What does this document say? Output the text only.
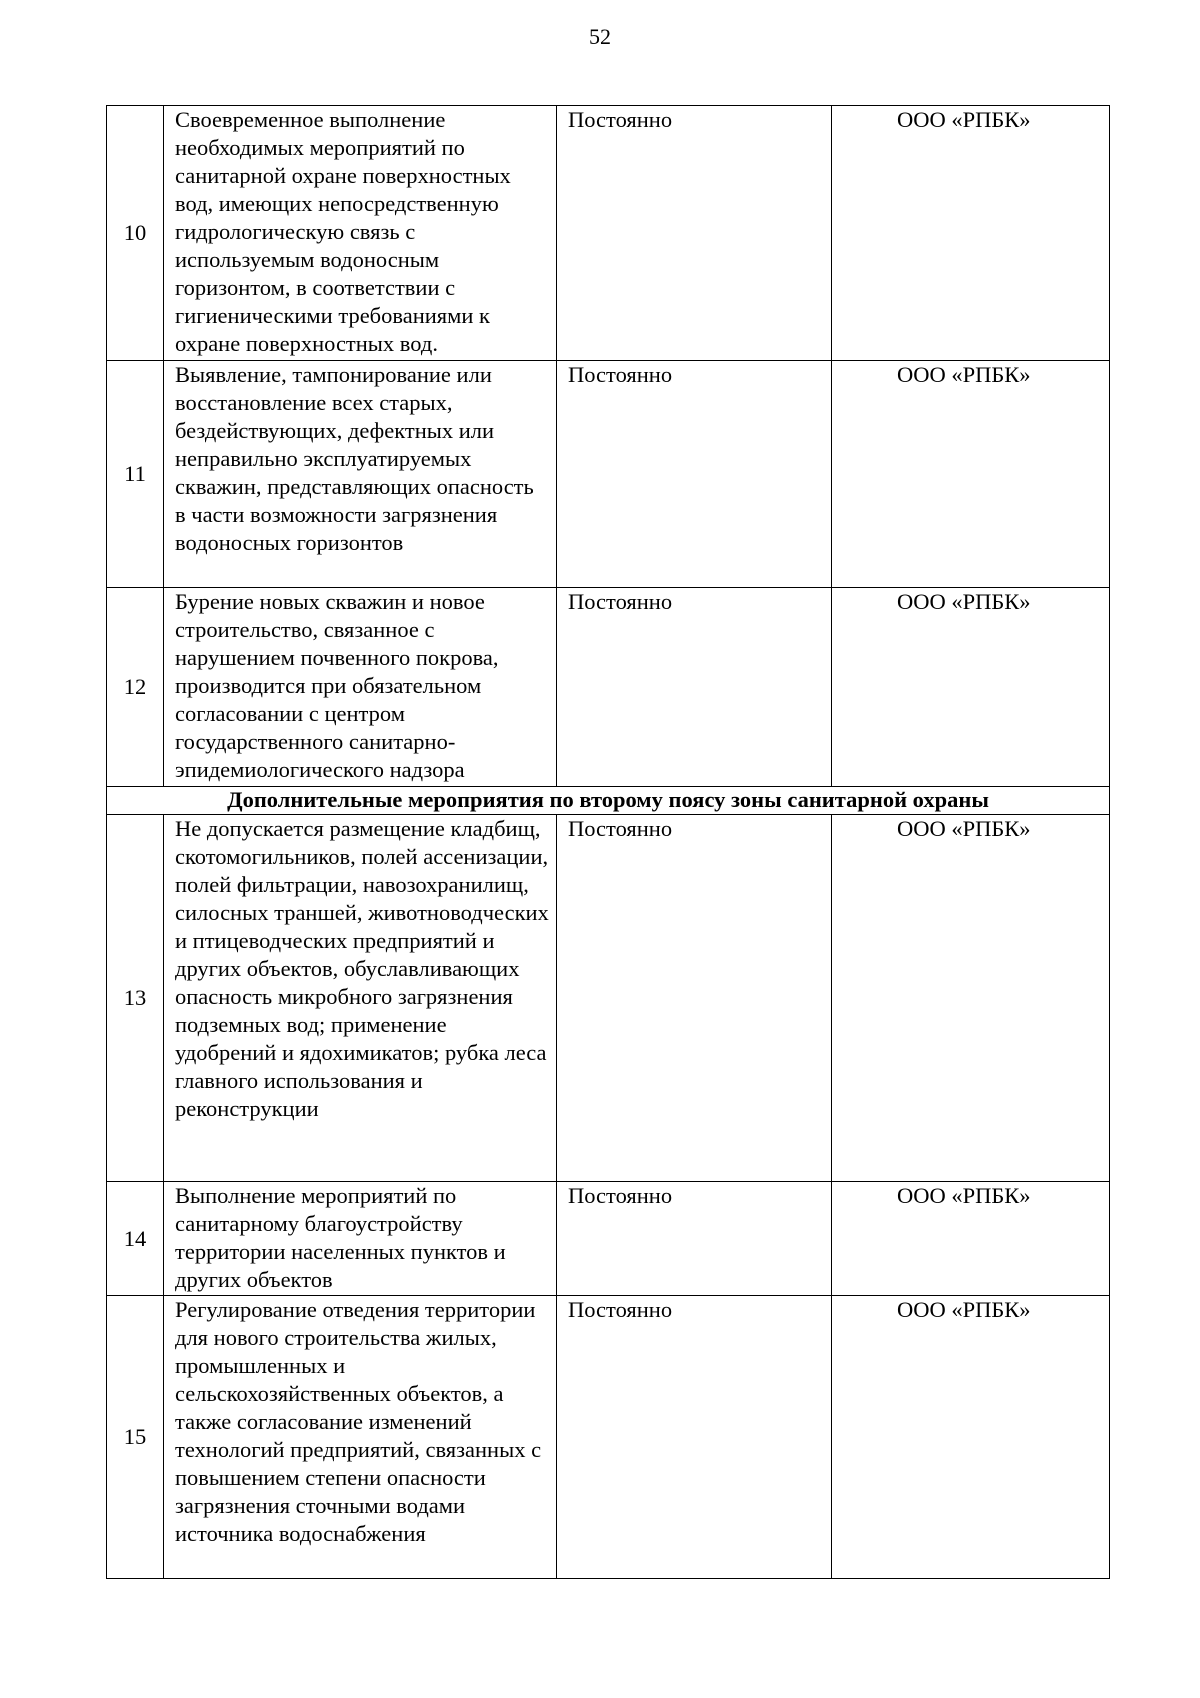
52
10	Своевременное выполнение необходимых мероприятий по санитарной охране поверхностных вод, имеющих непосредственную гидрологическую связь с используемым водоносным горизонтом, в соответствии с гигиеническими требованиями к охране поверхностных вод.	Постоянно	ООО «РПБК»
11	Выявление, тампонирование или восстановление всех старых, бездействующих, дефектных или неправильно эксплуатируемых скважин, представляющих опасность в части возможности загрязнения водоносных горизонтов	Постоянно	ООО «РПБК»
12	Бурение новых скважин и новое строительство, связанное с нарушением почвенного покрова, производится при обязательном согласовании с центром государственного санитарно-эпидемиологического надзора	Постоянно	ООО «РПБК»
Дополнительные мероприятия по второму поясу зоны санитарной охраны			
13	Не допускается размещение кладбищ, скотомогильников, полей ассенизации, полей фильтрации, навозохранилищ, силосных траншей, животноводческих и птицеводческих предприятий и других объектов, обуславливающих опасность микробного загрязнения подземных вод; применение удобрений и ядохимикатов; рубка леса главного использования и реконструкции	Постоянно	ООО «РПБК»
14	Выполнение мероприятий по санитарному благоустройству территории населенных пунктов и других объектов	Постоянно	ООО «РПБК»
15	Регулирование отведения территории для нового строительства жилых, промышленных и сельскохозяйственных объектов, а также согласование изменений технологий предприятий, связанных с повышением степени опасности загрязнения сточными водами источника водоснабжения	Постоянно	ООО «РПБК»
